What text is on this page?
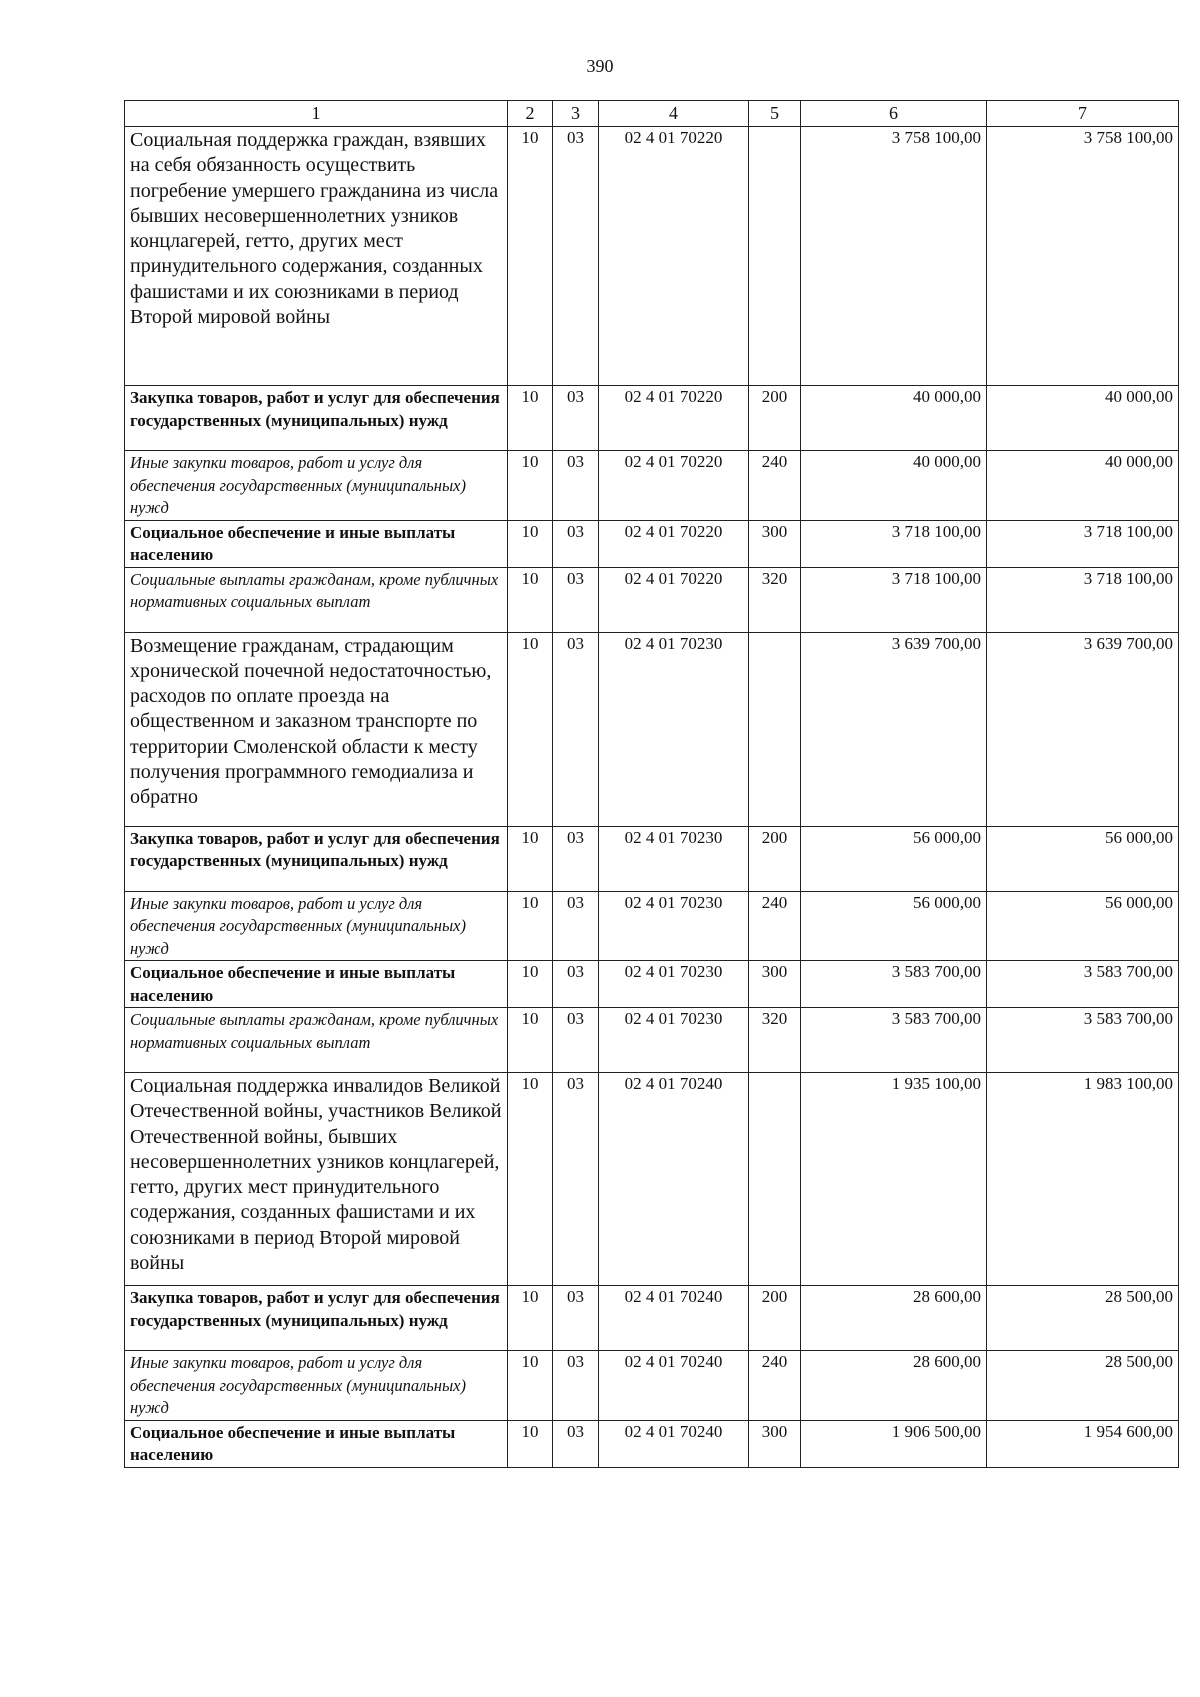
390
1	2	3	4	5	6	7
Социальная поддержка граждан, взявших на себя обязанность осуществить погребение умершего гражданина из числа бывших несовершеннолетних узников концлагерей, гетто, других мест принудительного содержания, созданных фашистами и их союзниками в период Второй мировой войны	10	03	02 4 01 70220		3 758 100,00	3 758 100,00
Закупка товаров, работ и услуг для обеспечения государственных (муниципальных) нужд	10	03	02 4 01 70220	200	40 000,00	40 000,00
Иные закупки товаров, работ и услуг для обеспечения государственных (муниципальных) нужд	10	03	02 4 01 70220	240	40 000,00	40 000,00
Социальное обеспечение и иные выплаты населению	10	03	02 4 01 70220	300	3 718 100,00	3 718 100,00
Социальные выплаты гражданам, кроме публичных нормативных социальных выплат	10	03	02 4 01 70220	320	3 718 100,00	3 718 100,00
Возмещение гражданам, страдающим хронической почечной недостаточностью, расходов по оплате проезда на общественном и заказном транспорте по территории Смоленской области к месту получения программного гемодиализа и обратно	10	03	02 4 01 70230		3 639 700,00	3 639 700,00
Закупка товаров, работ и услуг для обеспечения государственных (муниципальных) нужд	10	03	02 4 01 70230	200	56 000,00	56 000,00
Иные закупки товаров, работ и услуг для обеспечения государственных (муниципальных) нужд	10	03	02 4 01 70230	240	56 000,00	56 000,00
Социальное обеспечение и иные выплаты населению	10	03	02 4 01 70230	300	3 583 700,00	3 583 700,00
Социальные выплаты гражданам, кроме публичных нормативных социальных выплат	10	03	02 4 01 70230	320	3 583 700,00	3 583 700,00
Социальная поддержка инвалидов Великой Отечественной войны, участников Великой Отечественной войны, бывших несовершеннолетних узников концлагерей, гетто, других мест принудительного содержания, созданных фашистами и их союзниками в период Второй мировой войны	10	03	02 4 01 70240		1 935 100,00	1 983 100,00
Закупка товаров, работ и услуг для обеспечения государственных (муниципальных) нужд	10	03	02 4 01 70240	200	28 600,00	28 500,00
Иные закупки товаров, работ и услуг для обеспечения государственных (муниципальных) нужд	10	03	02 4 01 70240	240	28 600,00	28 500,00
Социальное обеспечение и иные выплаты населению	10	03	02 4 01 70240	300	1 906 500,00	1 954 600,00
